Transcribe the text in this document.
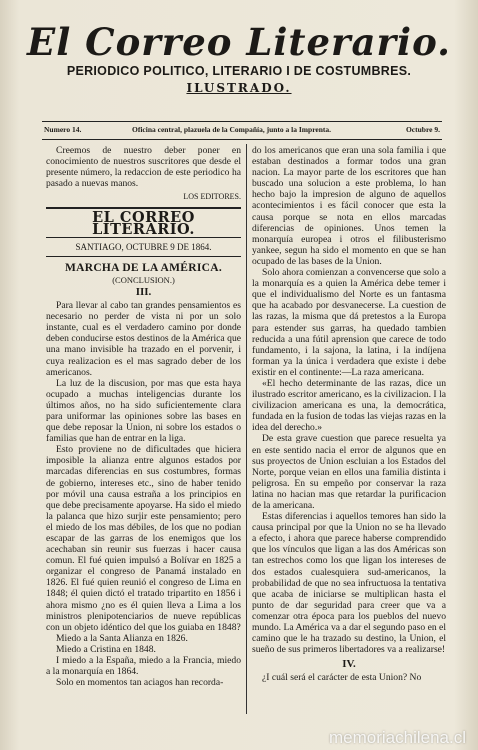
El Correo Literario.
PERIODICO POLITICO, LITERARIO I DE COSTUMBRES.
ILUSTRADO.
Numero 14.	Oficina central, plazuela de la Compañía, junto a la Imprenta.	Octubre 9.

Creemos de nuestro deber poner en conocimiento de nuestros suscritores que desde el presente número, la redaccion de este periodico ha pasado a nuevas manos.

LOS EDITORES.

EL CORREO LITERARIO.
SANTIAGO, OCTUBRE 9 DE 1864.
MARCHA DE LA AMÉRICA.
(CONCLUSION.)
III.

Para llevar al cabo tan grandes pensamientos es necesario no perder de vista ni por un solo instante, cual es el verdadero camino por donde deben conducirse estos destinos de la América que una mano invisible ha trazado en el porvenir, i cuya realizacion es el mas sagrado deber de los americanos.

La luz de la discusion, por mas que esta haya ocupado a muchas inteligencias durante los últimos años, no ha sido suficientemente clara para uniformar las opiniones sobre las bases en que debe reposar la Union, ni sobre los estados o familias que han de entrar en la liga.

Esto proviene no de dificultades que hiciera imposible la alianza entre algunos estados por marcadas diferencias en sus costumbres, formas de gobierno, intereses etc., sino de haber tenido por móvil una causa estraña a los principios en que debe precisamente apoyarse. Ha sido el miedo la palanca que hizo surjir este pensamiento; pero el miedo de los mas débiles, de los que no podian escapar de las garras de los enemigos que los acechaban sin reunir sus fuerzas i hacer causa comun. El fué quien impulsó a Bolívar en 1825 a organizar el congreso de Panamá instalado en 1826. El fué quien reunió el congreso de Lima en 1848; él quien dictó el tratado tripartito en 1856 i ahora mismo ¿no es él quien lleva a Lima a los ministros plenipotenciarios de nueve repúblicas con un objeto idéntico del que los guiaba en 1848?

Miedo a la Santa Alianza en 1826.

Miedo a Cristina en 1848.

I miedo a la España, miedo a la Francia, miedo a la monarquía en 1864.

Solo en momentos tan aciagos han recorda-

do los americanos que eran una sola familia i que estaban destinados a formar todos una gran nacion. La mayor parte de los escritores que han buscado una solucion a este problema, lo han hecho bajo la impresion de alguno de aquellos acontecimientos i es fácil conocer que esta la causa porque se nota en ellos marcadas diferencias de opiniones. Unos temen la monarquía europea i otros el filibusterismo yankee, segun ha sido el momento en que se han ocupado de las bases de la Union.

Solo ahora comienzan a convencerse que solo a la monarquía es a quien la América debe temer i que el individualismo del Norte es un fantasma que ha acabado por desvanecerse. La cuestion de las razas, la misma que dá pretestos a la Europa para estender sus garras, ha quedado tambien reducida a una fútil aprension que carece de todo fundamento, i la sajona, la latina, i la indíjena forman ya la única i verdadera que existe i debe existir en el continente:—La raza americana.

«El hecho determinante de las razas, dice un ilustrado escritor americano, es la civilizacion. I la civilizacion americana es una, la democrática, fundada en la fusion de todas las viejas razas en la idea del derecho.»

De esta grave cuestion que parece resuelta ya en este sentido nacia el error de algunos que en sus proyectos de Union escluian a los Estados del Norte, porque veian en ellos una familia distinta i peligrosa. En su empeño por conservar la raza latina no hacian mas que retardar la purificacion de la americana.

Estas diferencias i aquellos temores han sido la causa principal por que la Union no se ha llevado a efecto, i ahora que parece haberse comprendido que los vínculos que ligan a las dos Américas son tan estrechos como los que ligan los intereses de dos estados cualesquiera sud-americanos, la probabilidad de que no sea infructuosa la tentativa que acaba de iniciarse se multiplican hasta el punto de dar seguridad para creer que va a comenzar otra época para los pueblos del nuevo mundo. La América va a dar el segundo paso en el camino que le ha trazado su destino, la Union, el sueño de sus primeros libertadores va a realizarse!

IV.

¿I cuál será el carácter de esta Union? No

memoriachilena.cl
